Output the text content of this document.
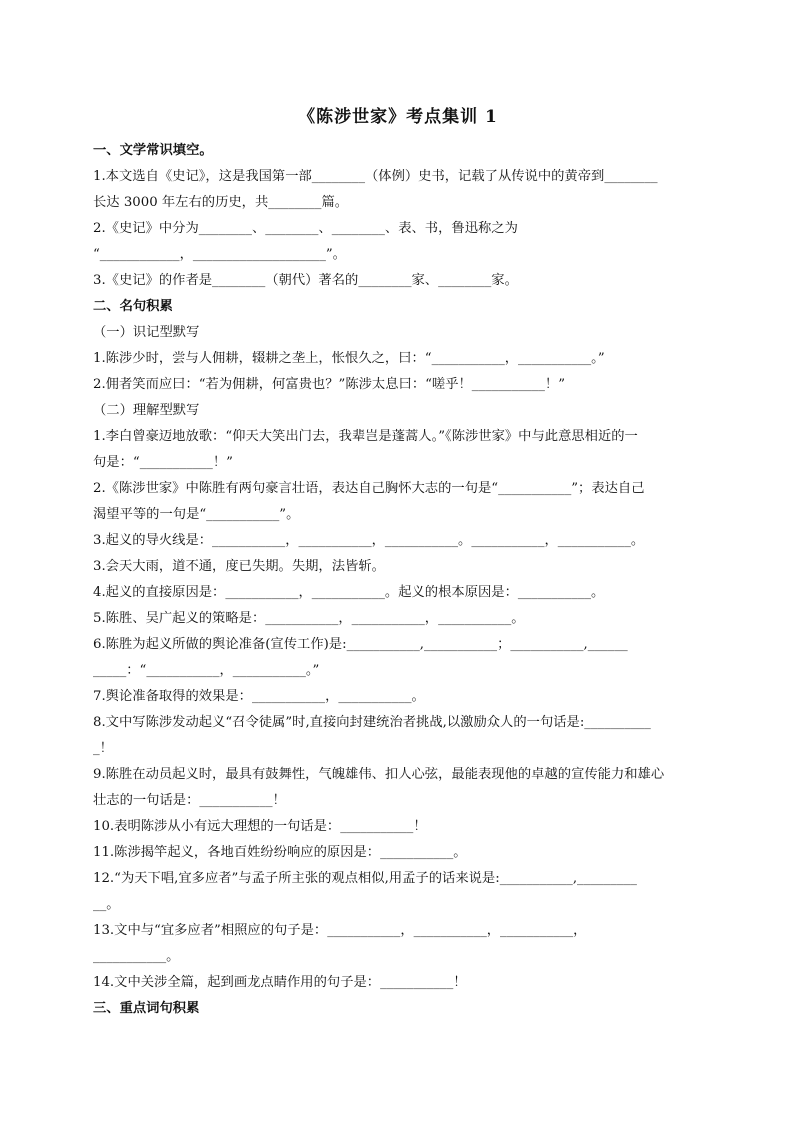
《陈涉世家》考点集训 1
一、文学常识填空。
1.本文选自《史记》，这是我国第一部________（体例）史书，记载了从传说中的黄帝到________
长达 3000 年左右的历史，共________篇。
2.《史记》中分为________、________、________、表、书，鲁迅称之为
“____________，____________________”。
3.《史记》的作者是________（朝代）著名的________家、________家。
二、名句积累
（一）识记型默写
1.陈涉少时，尝与人佣耕，辍耕之垄上，怅恨久之，曰：“___________，___________。”
2.佣者笑而应曰：“若为佣耕，何富贵也？”陈涉太息曰：“嗟乎！___________！”
（二）理解型默写
1.李白曾豪迈地放歌：“仰天大笑出门去，我辈岂是蓬蒿人。”《陈涉世家》中与此意思相近的一
句是：“___________！”
2.《陈涉世家》中陈胜有两句豪言壮语，表达自己胸怀大志的一句是“___________”；表达自己
渴望平等的一句是“___________”。
3.起义的导火线是：___________，___________，___________。___________，___________。
3.会天大雨，道不通，度已失期。失期，法皆斩。
4.起义的直接原因是：___________，___________。起义的根本原因是：___________。
5.陈胜、吴广起义的策略是：___________，___________，___________。
6.陈胜为起义所做的舆论准备(宣传工作)是:___________,___________；___________,______
_____：“___________，___________。”
7.舆论准备取得的效果是：___________，___________。
8.文中写陈涉发动起义“召令徒属”时,直接向封建统治者挑战,以激励众人的一句话是:__________
_！
9.陈胜在动员起义时，最具有鼓舞性，气魄雄伟、扣人心弦，最能表现他的卓越的宣传能力和雄心
壮志的一句话是：___________！
10.表明陈涉从小有远大理想的一句话是：___________！
11.陈涉揭竿起义，各地百姓纷纷响应的原因是：___________。
12.“为天下唱,宜多应者”与孟子所主张的观点相似,用孟子的话来说是:___________,_________
__。
13.文中与“宜多应者”相照应的句子是：___________，___________，___________，
___________。
14.文中关涉全篇，起到画龙点睛作用的句子是：___________！
三、重点词句积累
